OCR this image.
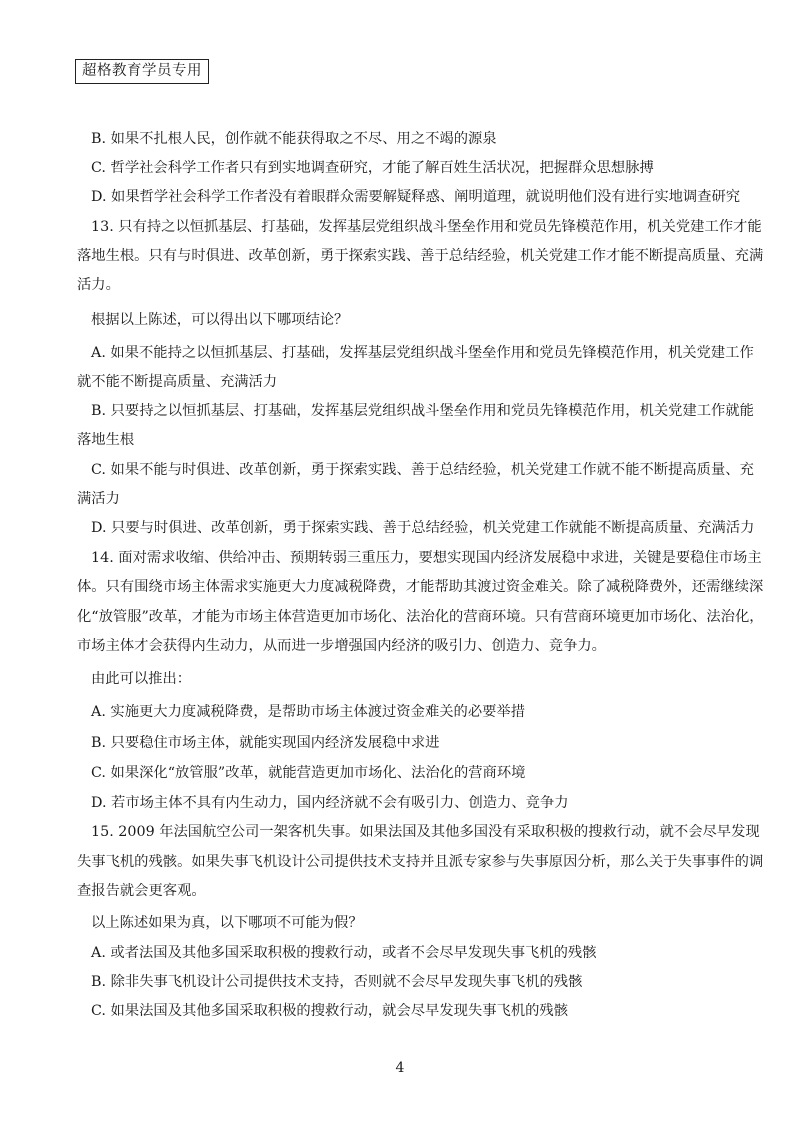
超格教育学员专用
B. 如果不扎根人民，创作就不能获得取之不尽、用之不竭的源泉
C. 哲学社会科学工作者只有到实地调查研究，才能了解百姓生活状况，把握群众思想脉搏
D. 如果哲学社会科学工作者没有着眼群众需要解疑释惑、阐明道理，就说明他们没有进行实地调查研究
13. 只有持之以恒抓基层、打基础，发挥基层党组织战斗堡垒作用和党员先锋模范作用，机关党建工作才能
落地生根。只有与时俱进、改革创新，勇于探索实践、善于总结经验，机关党建工作才能不断提高质量、充满
活力。
根据以上陈述，可以得出以下哪项结论？
A. 如果不能持之以恒抓基层、打基础，发挥基层党组织战斗堡垒作用和党员先锋模范作用，机关党建工作
就不能不断提高质量、充满活力
B. 只要持之以恒抓基层、打基础，发挥基层党组织战斗堡垒作用和党员先锋模范作用，机关党建工作就能
落地生根
C. 如果不能与时俱进、改革创新，勇于探索实践、善于总结经验，机关党建工作就不能不断提高质量、充
满活力
D. 只要与时俱进、改革创新，勇于探索实践、善于总结经验，机关党建工作就能不断提高质量、充满活力
14. 面对需求收缩、供给冲击、预期转弱三重压力，要想实现国内经济发展稳中求进，关键是要稳住市场主
体。只有围绕市场主体需求实施更大力度减税降费，才能帮助其渡过资金难关。除了减税降费外，还需继续深
化“放管服”改革，才能为市场主体营造更加市场化、法治化的营商环境。只有营商环境更加市场化、法治化，
市场主体才会获得内生动力，从而进一步增强国内经济的吸引力、创造力、竞争力。
由此可以推出：
A. 实施更大力度减税降费，是帮助市场主体渡过资金难关的必要举措
B. 只要稳住市场主体，就能实现国内经济发展稳中求进
C. 如果深化“放管服”改革，就能营造更加市场化、法治化的营商环境
D. 若市场主体不具有内生动力，国内经济就不会有吸引力、创造力、竞争力
15. 2009 年法国航空公司一架客机失事。如果法国及其他多国没有采取积极的搜救行动，就不会尽早发现
失事飞机的残骸。如果失事飞机设计公司提供技术支持并且派专家参与失事原因分析，那么关于失事事件的调
查报告就会更客观。
以上陈述如果为真，以下哪项不可能为假？
A. 或者法国及其他多国采取积极的搜救行动，或者不会尽早发现失事飞机的残骸
B. 除非失事飞机设计公司提供技术支持，否则就不会尽早发现失事飞机的残骸
C. 如果法国及其他多国采取积极的搜救行动，就会尽早发现失事飞机的残骸
4
